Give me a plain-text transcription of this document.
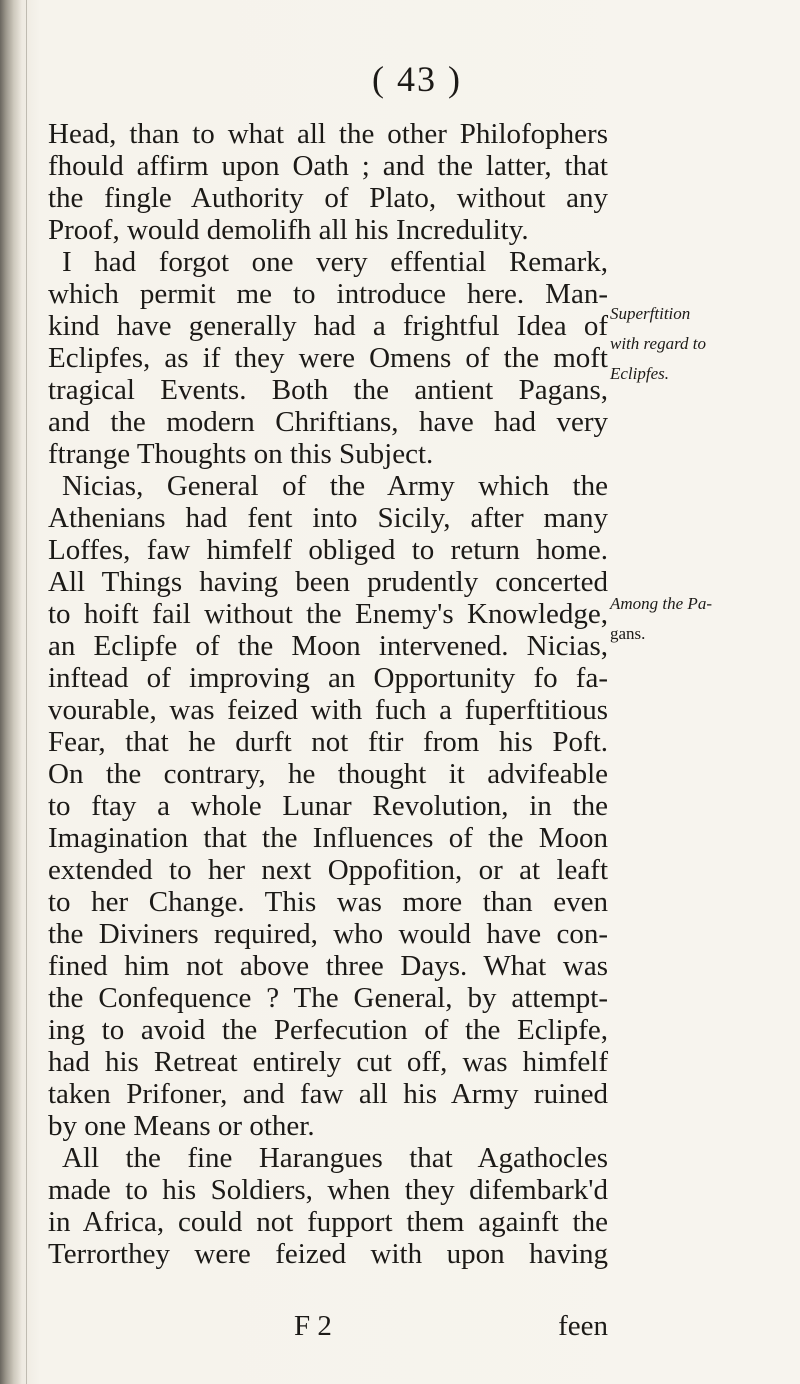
( 43 )
Head, than to what all the other Philofophers
fhould affirm upon Oath ; and the latter, that
the fingle Authority of Plato, without any
Proof, would demolifh all his Incredulity.
I had forgot one very effential Remark,
which permit me to introduce here. Man-
kind have generally had a frightful Idea of
Eclipfes, as if they were Omens of the moft
tragical Events. Both the antient Pagans,
and the modern Chriftians, have had very
ftrange Thoughts on this Subject.
Nicias, General of the Army which the
Athenians had fent into Sicily, after many
Loffes, faw himfelf obliged to return home.
All Things having been prudently concerted
to hoift fail without the Enemy's Knowledge,
an Eclipfe of the Moon intervened. Nicias,
inftead of improving an Opportunity fo fa-
vourable, was feized with fuch a fuperftitious
Fear, that he durft not ftir from his Poft.
On the contrary, he thought it advifeable
to ftay a whole Lunar Revolution, in the
Imagination that the Influences of the Moon
extended to her next Oppofition, or at leaft
to her Change. This was more than even
the Diviners required, who would have con-
fined him not above three Days. What was
the Confequence ? The General, by attempt-
ing to avoid the Perfecution of the Eclipfe,
had his Retreat entirely cut off, was himfelf
taken Prifoner, and faw all his Army ruined
by one Means or other.
All the fine Harangues that Agathocles
made to his Soldiers, when they difembark'd
in Africa, could not fupport them againft the
Terrorthey were feized with upon having
Superftition
with regard to
Eclipfes.
Among the Pa-
gans.
F 2	feen
